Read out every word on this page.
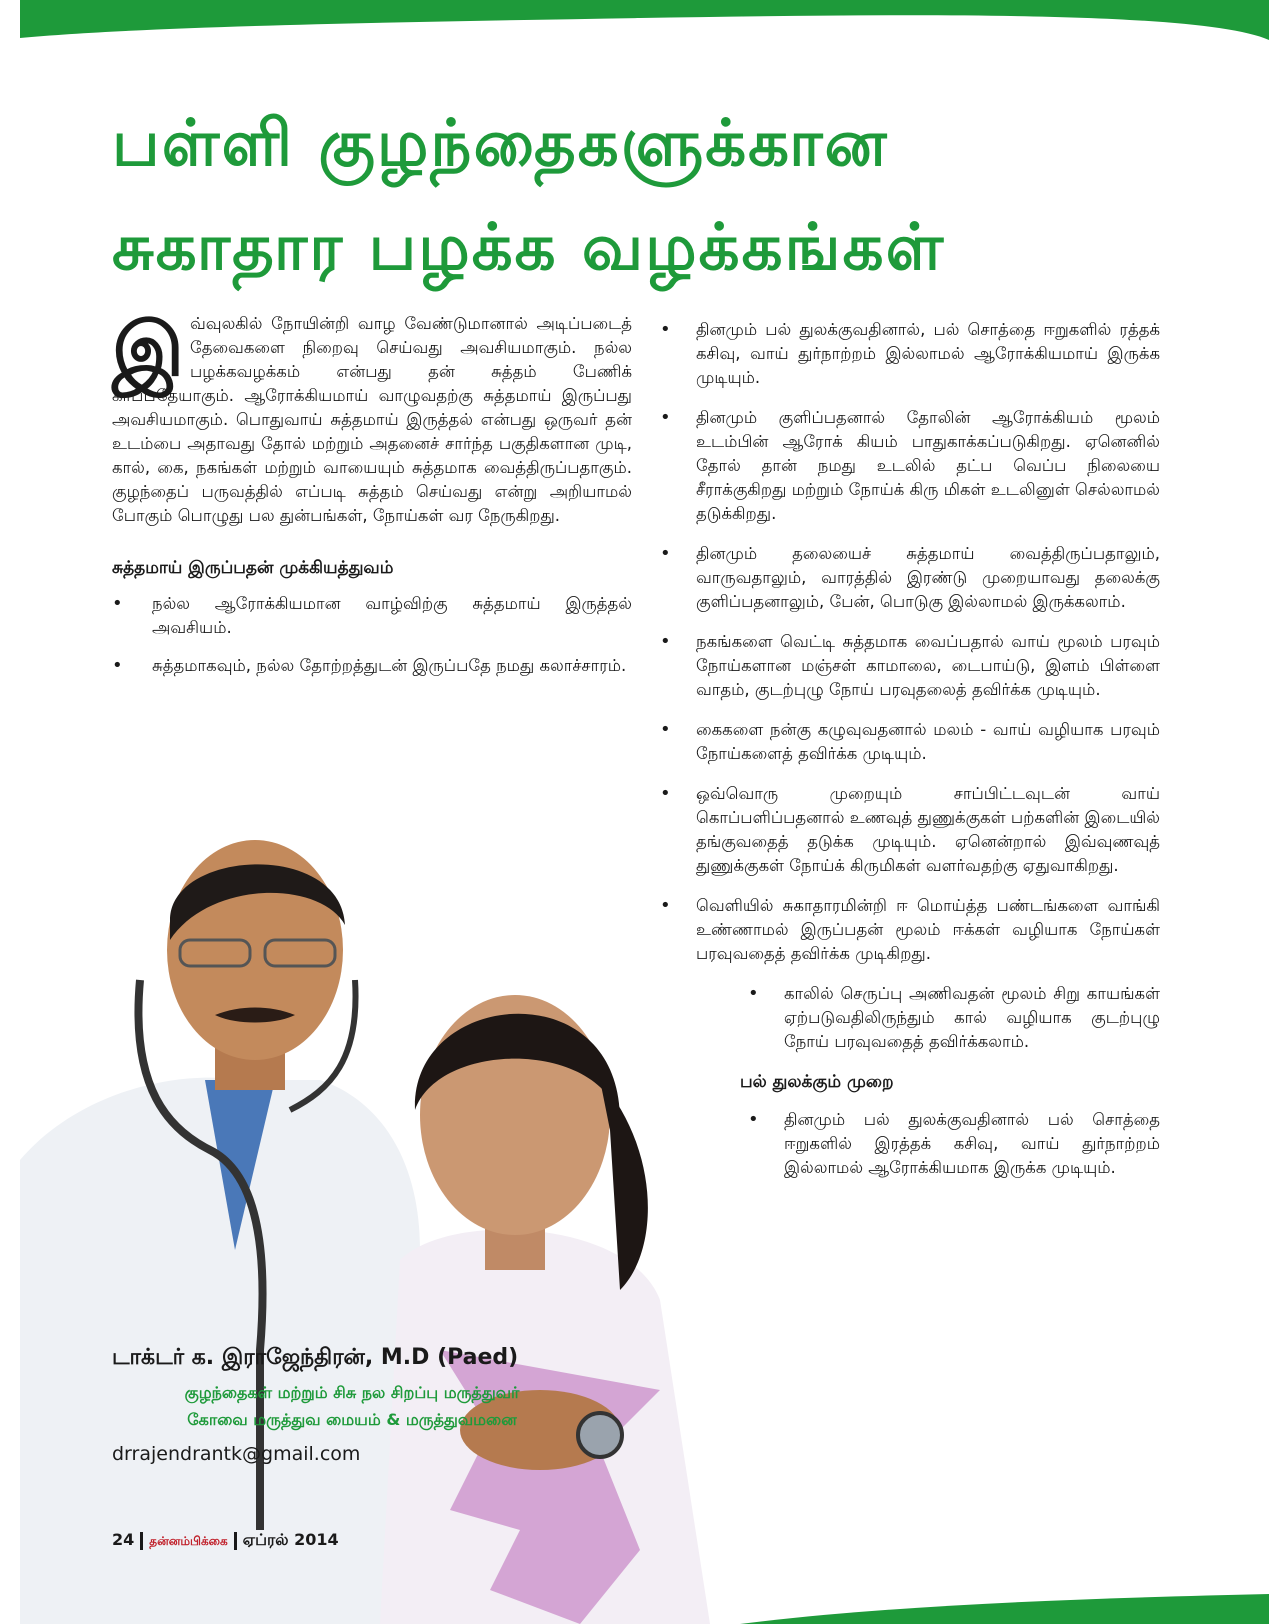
பள்ளி குழந்தைகளுக்கான
சுகாதார பழக்க வழக்கங்கள்
இ வ்வுலகில் நோயின்றி வாழ வேண்டுமானால் அடிப்படைத் தேவைகளை நிறைவு செய்வது அவசியமாகும். நல்ல பழக்கவழக்கம் என்பது தன் சுத்தம் பேணிக் காப்பதேயாகும். ஆரோக்கியமாய் வாழுவதற்கு சுத்தமாய் இருப்பது அவசியமாகும். பொதுவாய் சுத்தமாய் இருத்தல் என்பது ஒருவர் தன் உடம்பை அதாவது தோல் மற்றும் அதனைச் சார்ந்த பகுதிகளான முடி, கால், கை, நகங்கள் மற்றும் வாயையும் சுத்தமாக வைத்திருப்பதாகும். குழந்தைப் பருவத்தில் எப்படி சுத்தம் செய்வது என்று அறியாமல் போகும் பொழுது பல துன்பங்கள், நோய்கள் வர நேருகிறது.
சுத்தமாய் இருப்பதன் முக்கியத்துவம்
• நல்ல ஆரோக்கியமான வாழ்விற்கு சுத்தமாய் இருத்தல் அவசியம்.
• சுத்தமாகவும், நல்ல தோற்றத்துடன் இருப்பதே நமது கலாச்சாரம்.
டாக்டர் க. இராஜேந்திரன், M.D (Paed)
குழந்தைகள் மற்றும் சிசு நல சிறப்பு மருத்துவர்
கோவை மருத்துவ மையம் & மருத்துவமனை
drrajendrantk@gmail.com
24 தன்னம்பிக்கை ஏப்ரல் 2014
• தினமும் பல் துலக்குவதினால், பல் சொத்தை ஈறுகளில் ரத்தக் கசிவு, வாய் துர்நாற்றம் இல்லாமல் ஆரோக்கியமாய் இருக்க முடியும்.
• தினமும் குளிப்பதனால் தோலின் ஆரோக்கியம் மூலம் உடம்பின் ஆரோக் கியம் பாதுகாக்கப்படுகிறது. ஏனெனில் தோல் தான் நமது உடலில் தட்ப வெப்ப நிலையை சீராக்குகிறது மற்றும் நோய்க் கிரு மிகள் உடலினுள் செல்லாமல் தடுக்கிறது.
• தினமும் தலையைச் சுத்தமாய் வைத்திருப்பதாலும், வாருவதாலும், வாரத்தில் இரண்டு முறையாவது தலைக்கு குளிப்பதனாலும், பேன், பொடுகு இல்லாமல் இருக்கலாம்.
• நகங்களை வெட்டி சுத்தமாக வைப்பதால் வாய் மூலம் பரவும் நோய்களான மஞ்சள் காமாலை, டைபாய்டு, இளம் பிள்ளை வாதம், குடற்புழு நோய் பரவுதலைத் தவிர்க்க முடியும்.
• கைகளை நன்கு கழுவுவதனால் மலம் - வாய் வழியாக பரவும் நோய்களைத் தவிர்க்க முடியும்.
• ஒவ்வொரு முறையும் சாப்பிட்டவுடன் வாய் கொப்பளிப்பதனால் உணவுத் துணுக்குகள் பற்களின் இடையில் தங்குவதைத் தடுக்க முடியும். ஏனென்றால் இவ்வுணவுத் துணுக்குகள் நோய்க் கிருமிகள் வளர்வதற்கு ஏதுவாகிறது.
• வெளியில் சுகாதாரமின்றி ஈ மொய்த்த பண்டங்களை வாங்கி உண்ணாமல் இருப்பதன் மூலம் ஈக்கள் வழியாக நோய்கள் பரவுவதைத் தவிர்க்க முடிகிறது.
• காலில் செருப்பு அணிவதன் மூலம் சிறு காயங்கள் ஏற்படுவதிலிருந்தும் கால் வழியாக குடற்புழு நோய் பரவுவதைத் தவிர்க்கலாம்.
பல் துலக்கும் முறை
• தினமும் பல் துலக்குவதினால் பல் சொத்தை ஈறுகளில் இரத்தக் கசிவு, வாய் துர்நாற்றம் இல்லாமல் ஆரோக்கியமாக இருக்க முடியும்.
